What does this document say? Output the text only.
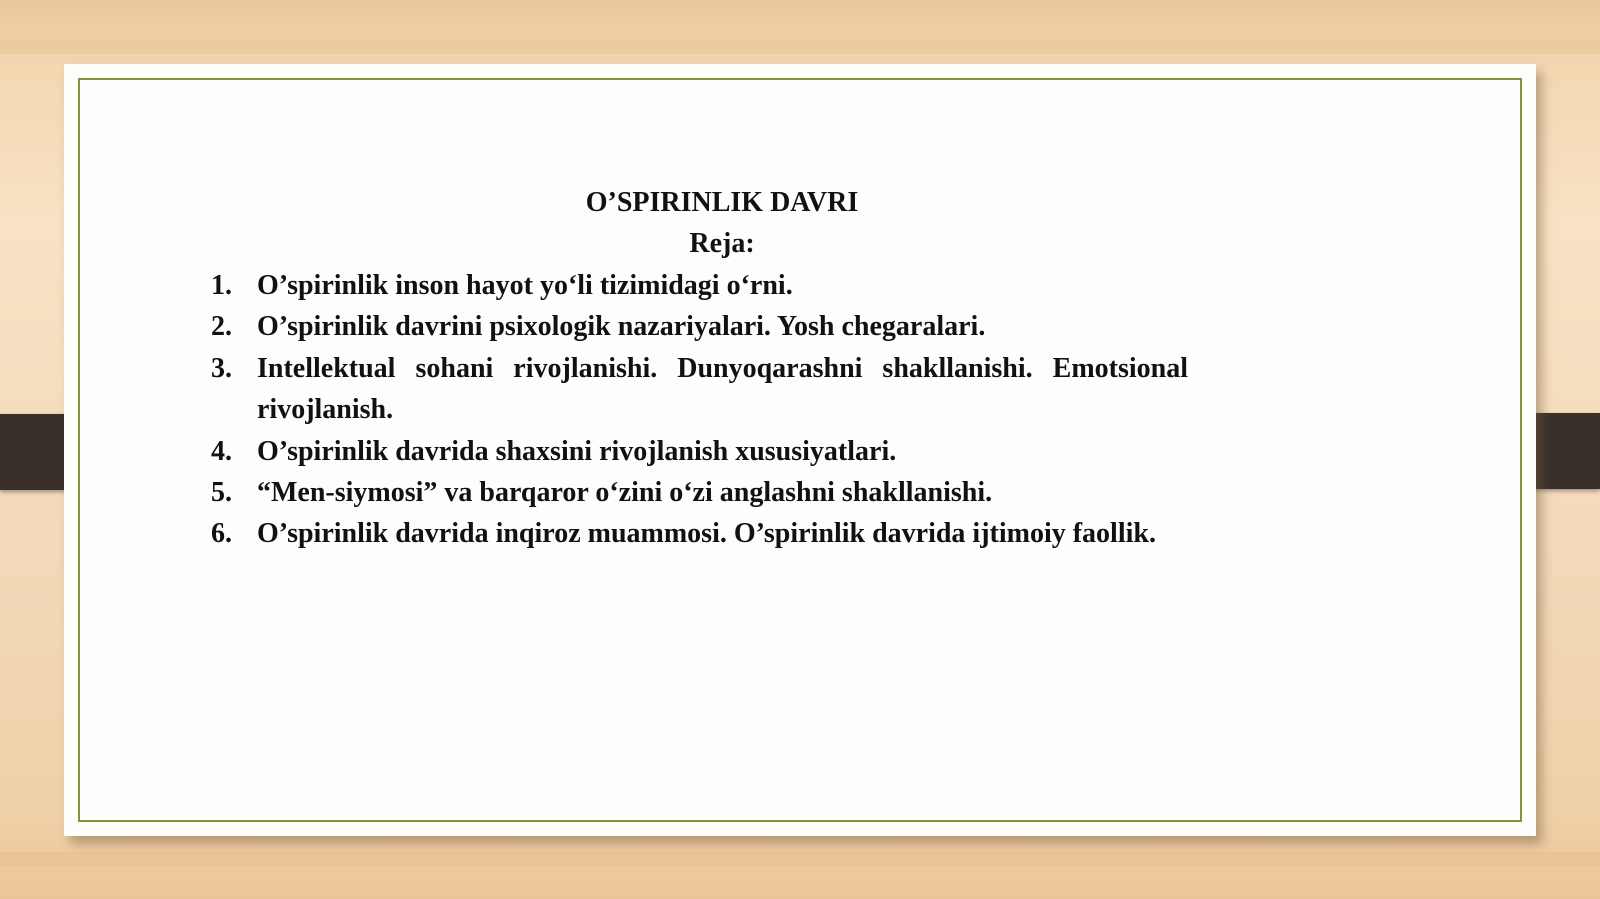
O’SPIRINLIK DAVRI
Reja:
1. O’spirinlik inson hayot yo‘li tizimidagi o‘rni.
2. O’spirinlik davrini psixologik nazariyalari. Yosh chegaralari.
3. Intellektual sohani rivojlanishi. Dunyoqarashni shakllanishi. Emotsional rivojlanish.
4. O’spirinlik davrida shaxsini rivojlanish xususiyatlari.
5. “Men-siymosi” va barqaror o‘zini o‘zi anglashni shakllanishi.
6. O’spirinlik davrida inqiroz muammosi. O’spirinlik davrida ijtimoiy faollik.
